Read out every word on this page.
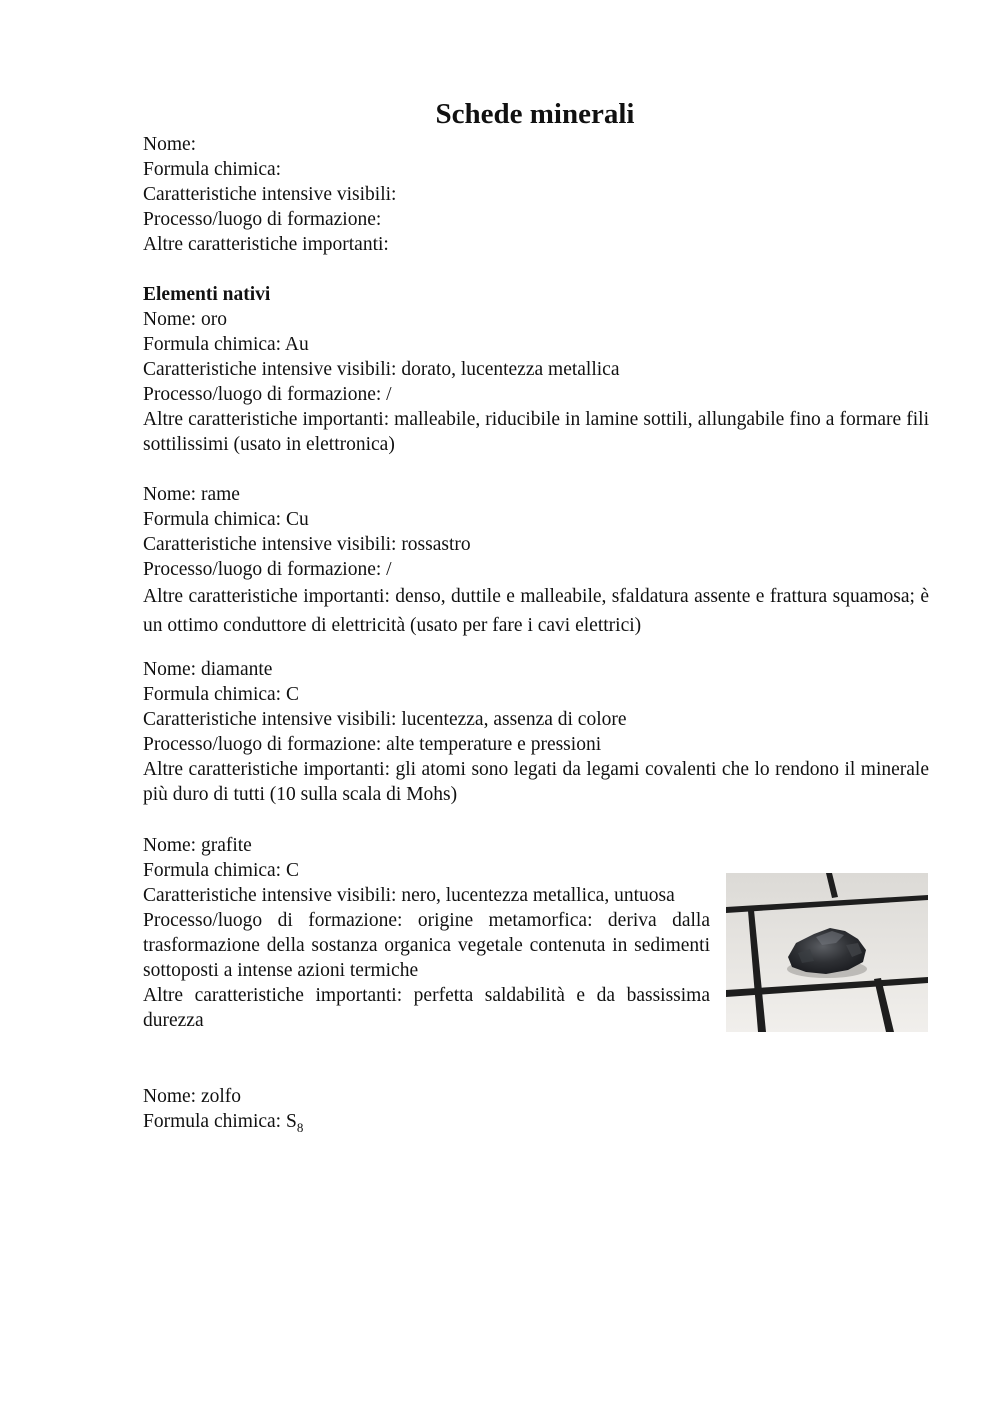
Schede minerali
Nome:
Formula chimica:
Caratteristiche intensive visibili:
Processo/luogo di formazione:
Altre caratteristiche importanti:
Elementi nativi
Nome: oro
Formula chimica: Au
Caratteristiche intensive visibili: dorato, lucentezza metallica
Processo/luogo di formazione: /
Altre caratteristiche importanti: malleabile, riducibile in lamine sottili, allungabile fino a formare fili sottilissimi (usato in elettronica)
Nome: rame
Formula chimica: Cu
Caratteristiche intensive visibili: rossastro
Processo/luogo di formazione: /
Altre caratteristiche importanti: denso, duttile e malleabile, sfaldatura assente e frattura squamosa; è un ottimo conduttore di elettricità (usato per fare i cavi elettrici)
Nome: diamante
Formula chimica: C
Caratteristiche intensive visibili: lucentezza, assenza di colore
Processo/luogo di formazione: alte temperature e pressioni
Altre caratteristiche importanti: gli atomi sono legati da legami covalenti che lo rendono il minerale più duro di tutti (10 sulla scala di Mohs)
Nome: grafite
Formula chimica: C
Caratteristiche intensive visibili: nero, lucentezza metallica, untuosa
Processo/luogo di formazione: origine metamorfica: deriva dalla trasformazione della sostanza organica vegetale contenuta in sedimenti sottoposti a intense azioni termiche
Altre caratteristiche importanti: perfetta saldabilità e da bassissima durezza
Nome: zolfo
Formula chimica: $S_8$
